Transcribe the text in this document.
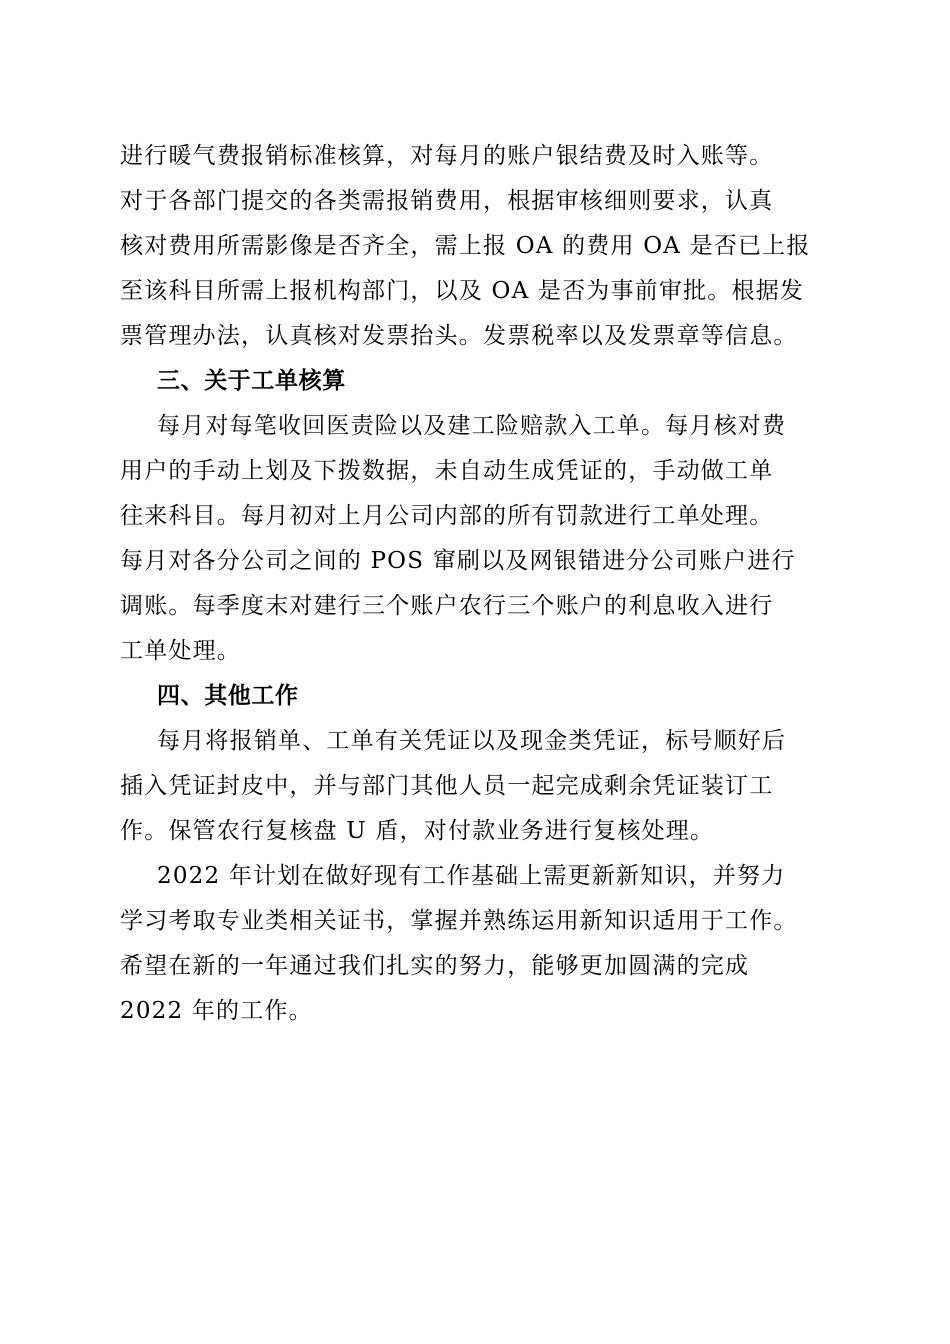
进行暖气费报销标准核算，对每月的账户银结费及时入账等。
对于各部门提交的各类需报销费用，根据审核细则要求，认真
核对费用所需影像是否齐全，需上报 OA 的费用 OA 是否已上报
至该科目所需上报机构部门，以及 OA 是否为事前审批。根据发
票管理办法，认真核对发票抬头。发票税率以及发票章等信息。
三、关于工单核算
每月对每笔收回医责险以及建工险赔款入工单。每月核对费
用户的手动上划及下拨数据，未自动生成凭证的，手动做工单
往来科目。每月初对上月公司内部的所有罚款进行工单处理。
每月对各分公司之间的 POS 窜刷以及网银错进分公司账户进行
调账。每季度末对建行三个账户农行三个账户的利息收入进行
工单处理。
四、其他工作
每月将报销单、工单有关凭证以及现金类凭证，标号顺好后
插入凭证封皮中，并与部门其他人员一起完成剩余凭证装订工
作。保管农行复核盘 U 盾，对付款业务进行复核处理。
2022 年计划在做好现有工作基础上需更新新知识，并努力
学习考取专业类相关证书，掌握并熟练运用新知识适用于工作。
希望在新的一年通过我们扎实的努力，能够更加圆满的完成
2022 年的工作。
